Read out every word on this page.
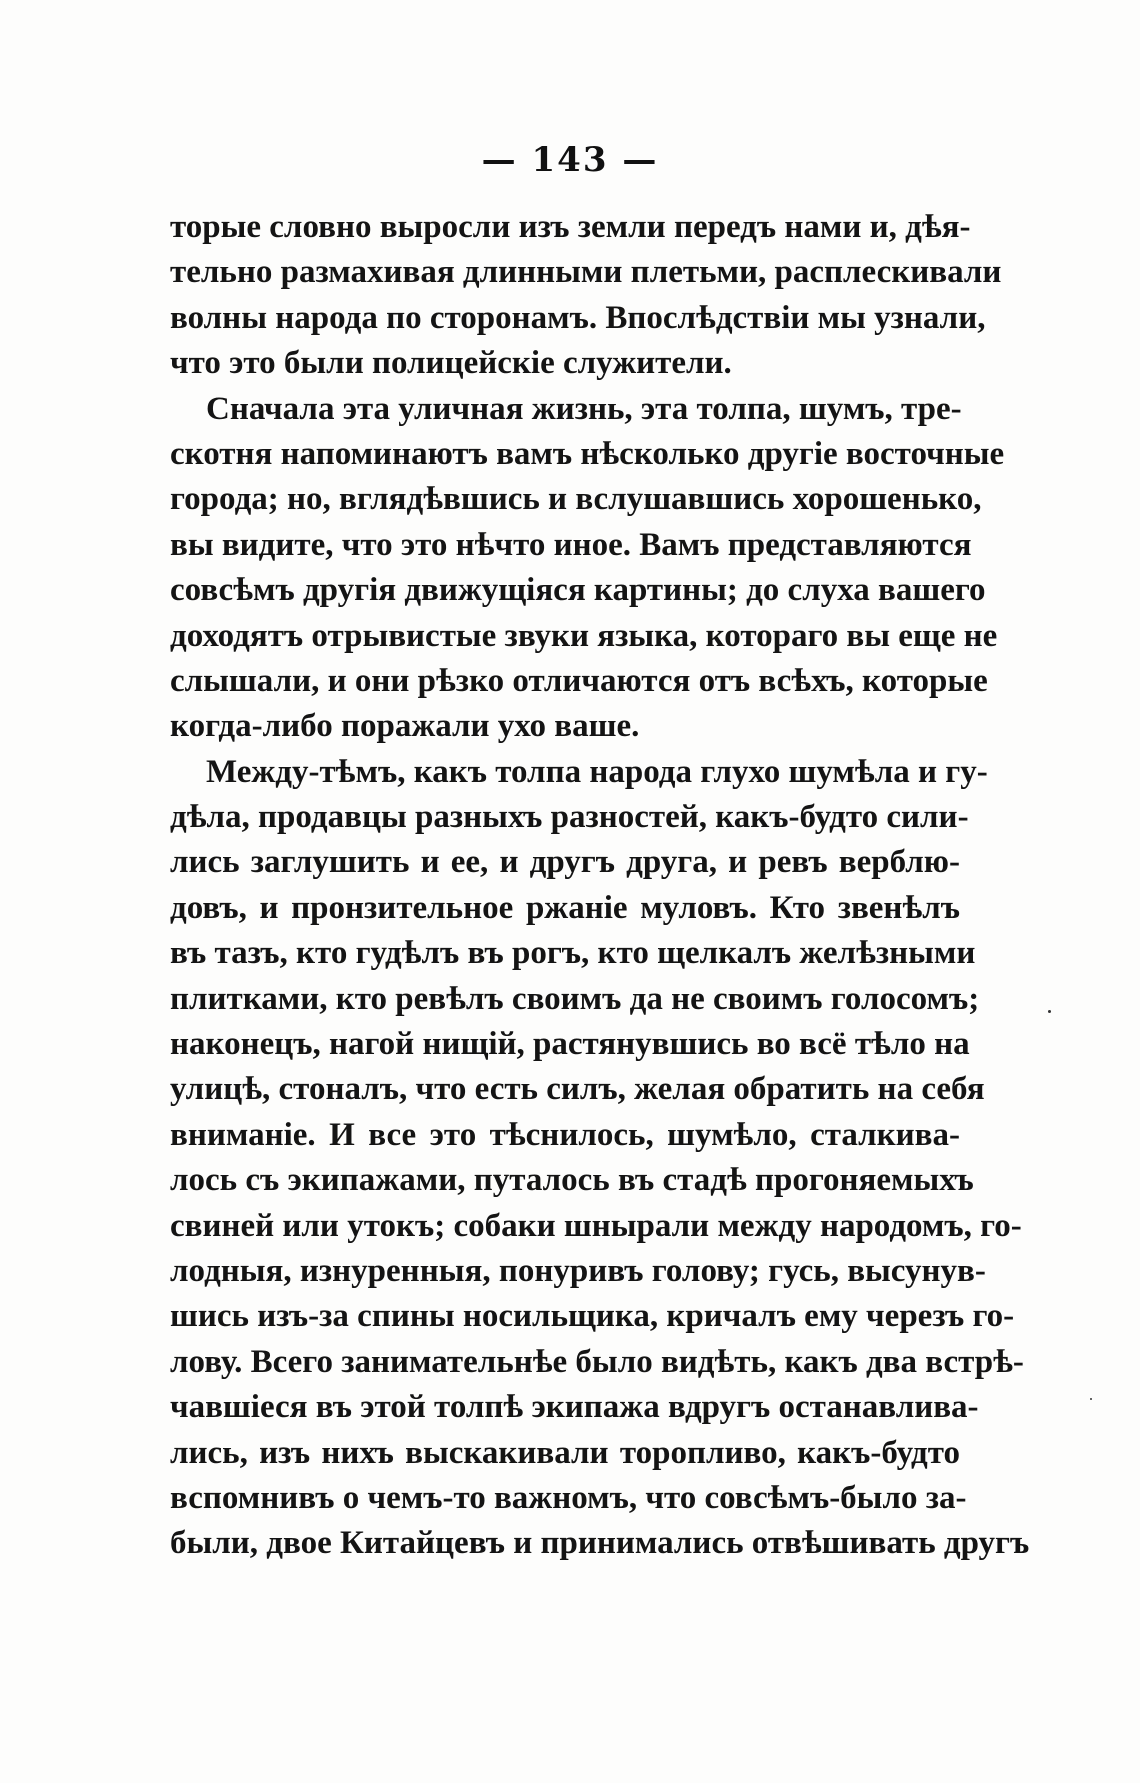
— 143 —
торые словно выросли изъ земли передъ нами и, дѣя-
тельно размахивая длинными плетьми, расплескивали
волны народа по сторонамъ. Впослѣдствіи мы узнали,
что это были полицейскіе служители.
Сначала эта уличная жизнь, эта толпа, шумъ, тре-
скотня напоминаютъ вамъ нѣсколько другіе восточные
города; но, вглядѣвшись и вслушавшись хорошенько,
вы видите, что это нѣчто иное. Вамъ представляются
совсѣмъ другія движущіяся картины; до слуха вашего
доходятъ отрывистые звуки языка, котораго вы еще не
слышали, и они рѣзко отличаются отъ всѣхъ, которые
когда-либо поражали ухо ваше.
Между-тѣмъ, какъ толпа народа глухо шумѣла и гу-
дѣла, продавцы разныхъ разностей, какъ-будто сили-
лись заглушить и ее, и другъ друга, и ревъ верблю-
довъ, и пронзительное ржаніе муловъ. Кто звенѣлъ
въ тазъ, кто гудѣлъ въ рогъ, кто щелкалъ желѣзными
плитками, кто ревѣлъ своимъ да не своимъ голосомъ;
наконецъ, нагой нищій, растянувшись во всё тѣло на
улицѣ, стоналъ, что есть силъ, желая обратить на себя
вниманіе. И все это тѣснилось, шумѣло, сталкива-
лось съ экипажами, путалось въ стадѣ прогоняемыхъ
свиней или утокъ; собаки шнырали между народомъ, го-
лодныя, изнуренныя, понуривъ голову; гусь, высунув-
шись изъ-за спины носильщика, кричалъ ему черезъ го-
лову. Всего занимательнѣе было видѣть, какъ два встрѣ-
чавшіеся въ этой толпѣ экипажа вдругъ останавлива-
лись, изъ нихъ выскакивали торопливо, какъ-будто
вспомнивъ о чемъ-то важномъ, что совсѣмъ-было за-
были, двое Китайцевъ и принимались отвѣшивать другъ
